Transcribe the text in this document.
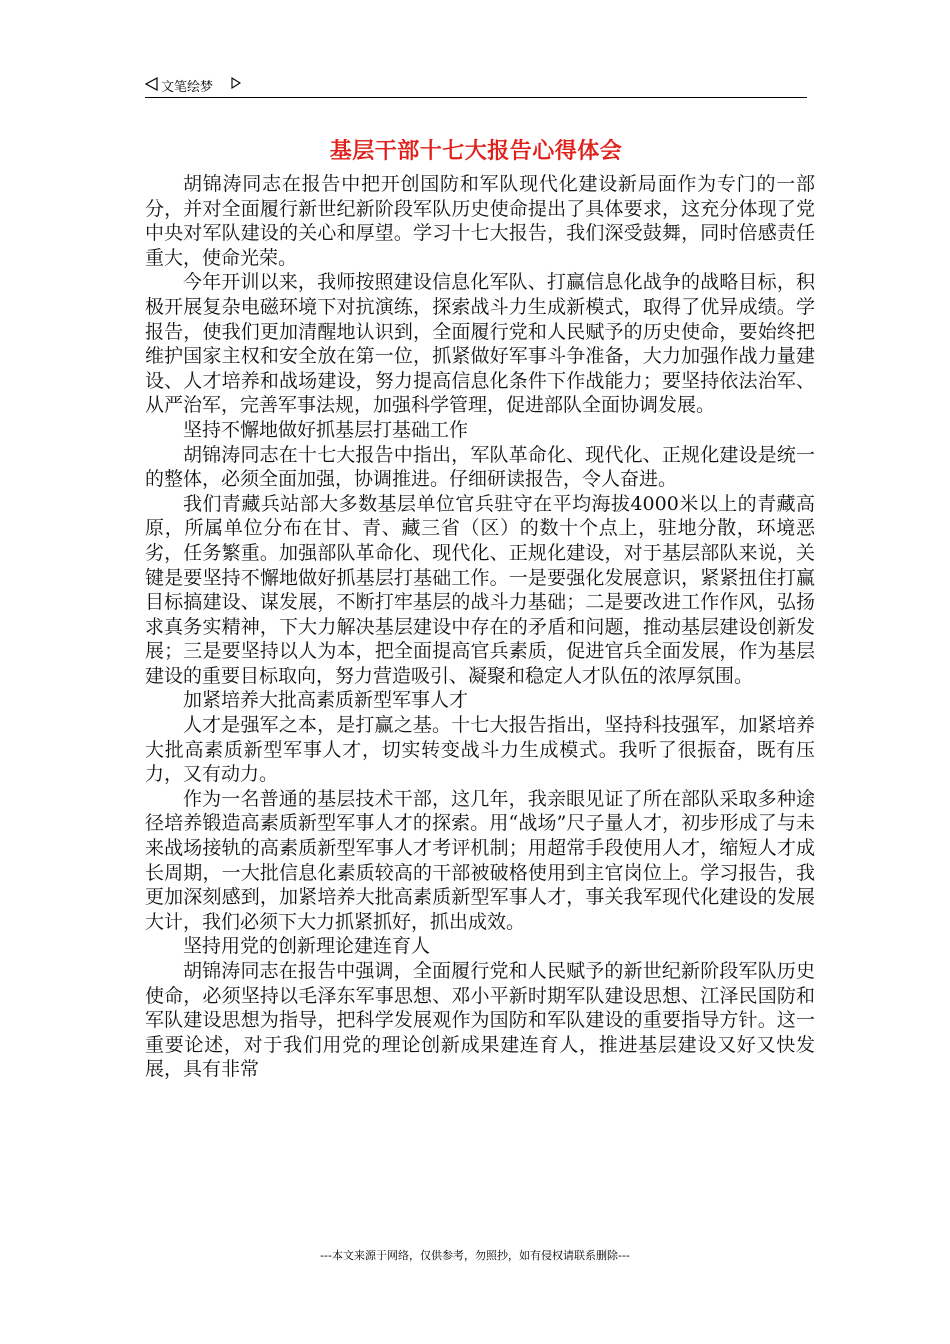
文笔绘梦
基层干部十七大报告心得体会

胡锦涛同志在报告中把开创国防和军队现代化建设新局面作为专门的一部分，并对全面履行新世纪新阶段军队历史使命提出了具体要求，这充分体现了党中央对军队建设的关心和厚望。学习十七大报告，我们深受鼓舞，同时倍感责任重大，使命光荣。

今年开训以来，我师按照建设信息化军队、打赢信息化战争的战略目标，积极开展复杂电磁环境下对抗演练，探索战斗力生成新模式，取得了优异成绩。学报告，使我们更加清醒地认识到，全面履行党和人民赋予的历史使命，要始终把维护国家主权和安全放在第一位，抓紧做好军事斗争准备，大力加强作战力量建设、人才培养和战场建设，努力提高信息化条件下作战能力；要坚持依法治军、从严治军，完善军事法规，加强科学管理，促进部队全面协调发展。

坚持不懈地做好抓基层打基础工作

胡锦涛同志在十七大报告中指出，军队革命化、现代化、正规化建设是统一的整体，必须全面加强，协调推进。仔细研读报告，令人奋进。

我们青藏兵站部大多数基层单位官兵驻守在平均海拔4000米以上的青藏高原，所属单位分布在甘、青、藏三省（区）的数十个点上，驻地分散，环境恶劣，任务繁重。加强部队革命化、现代化、正规化建设，对于基层部队来说，关键是要坚持不懈地做好抓基层打基础工作。一是要强化发展意识，紧紧扭住打赢目标搞建设、谋发展，不断打牢基层的战斗力基础；二是要改进工作作风，弘扬求真务实精神，下大力解决基层建设中存在的矛盾和问题，推动基层建设创新发展；三是要坚持以人为本，把全面提高官兵素质，促进官兵全面发展，作为基层建设的重要目标取向，努力营造吸引、凝聚和稳定人才队伍的浓厚氛围。

加紧培养大批高素质新型军事人才

人才是强军之本，是打赢之基。十七大报告指出，坚持科技强军，加紧培养大批高素质新型军事人才，切实转变战斗力生成模式。我听了很振奋，既有压力，又有动力。

作为一名普通的基层技术干部，这几年，我亲眼见证了所在部队采取多种途径培养锻造高素质新型军事人才的探索。用“战场”尺子量人才，初步形成了与未来战场接轨的高素质新型军事人才考评机制；用超常手段使用人才，缩短人才成长周期，一大批信息化素质较高的干部被破格使用到主官岗位上。学习报告，我更加深刻感到，加紧培养大批高素质新型军事人才，事关我军现代化建设的发展大计，我们必须下大力抓紧抓好，抓出成效。

坚持用党的创新理论建连育人

胡锦涛同志在报告中强调，全面履行党和人民赋予的新世纪新阶段军队历史使命，必须坚持以毛泽东军事思想、邓小平新时期军队建设思想、江泽民国防和军队建设思想为指导，把科学发展观作为国防和军队建设的重要指导方针。这一重要论述，对于我们用党的理论创新成果建连育人，推进基层建设又好又快发展，具有非常

---本文来源于网络，仅供参考，勿照抄，如有侵权请联系删除---
